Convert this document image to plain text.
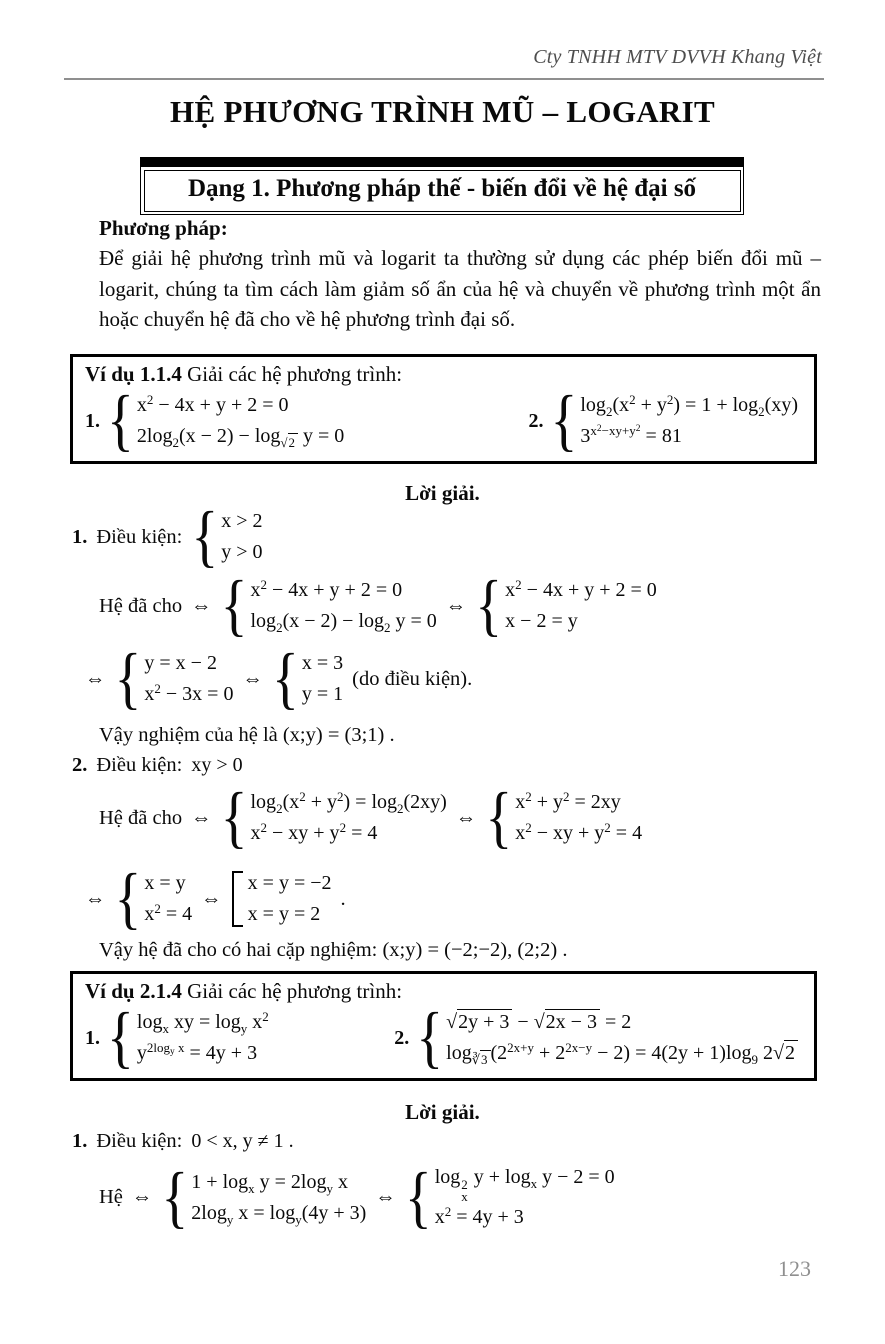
Cty TNHH MTV DVVH Khang Việt
HỆ PHƯƠNG TRÌNH MŨ – LOGARIT
Dạng 1. Phương pháp thế - biến đổi về hệ đại số
Phương pháp:
Để giải hệ phương trình mũ và logarit ta thường sử dụng các phép biến đổi mũ – logarit, chúng ta tìm cách làm giảm số ẩn của hệ và chuyển về phương trình một ẩn hoặc chuyển hệ đã cho về hệ phương trình đại số.
Ví dụ 1.1.4 Giải các hệ phương trình:
1. { $x^2 - 4x + y + 2 = 0$
$2\log_2(x - 2) - \log_{√2} y = 0$
2. { $\log_2(x^2 + y^2) = 1 + \log_2(xy)$
$3^{x^2-xy+y^2} = 81$
Lời giải.
1. Điều kiện: { x > 2
y > 0
Hệ đã cho ⇔ { $x^2 - 4x + y + 2 = 0$
$\log_2(x - 2) - \log_2 y = 0$
⇔ { $x^2 - 4x + y + 2 = 0$
x − 2 = y
⇔ { y = x − 2
$x^2 - 3x = 0$
⇔ { x = 3
y = 1
(do điều kiện).
Vậy nghiệm của hệ là (x;y) = (3;1) .
2. Điều kiện: xy > 0
Hệ đã cho ⇔ { $\log_2(x^2 + y^2) = \log_2(2xy)$
$x^2$ − xy + $y^2 = 4$
⇔ { $x^2 + y^2 = 2xy$
$x^2$ − xy + $y^2 = 4$
⇔ { x = y
$x^2 = 4$
⇔
x = y = −2
x = y = 2
.
Vậy hệ đã cho có hai cặp nghiệm: (x;y) = (−2;−2), (2;2) .
Ví dụ 2.1.4 Giải các hệ phương trình:
1. { $\log_x$ xy = $\log_y x^2$
$y^{2log_y x} = 4y + 3$
2. { √2y + 3 − √2x − 3 = 2
$\log_{∛3} (2^{2x+y} + 2^{2x-y} - 2) = 4(2y + 1)\log_9$ 2√2
Lời giải.
1. Điều kiện: 0 < x, y ≠ 1 .
Hệ ⇔ { $1 + \log_x y = 2\log_y$ x
$2\log_y$ $x = \log_y(4y + 3)$
⇔ { log 2
x
$y + \log_x y - 2 = 0$
$x^2 = 4y + 3$
123
